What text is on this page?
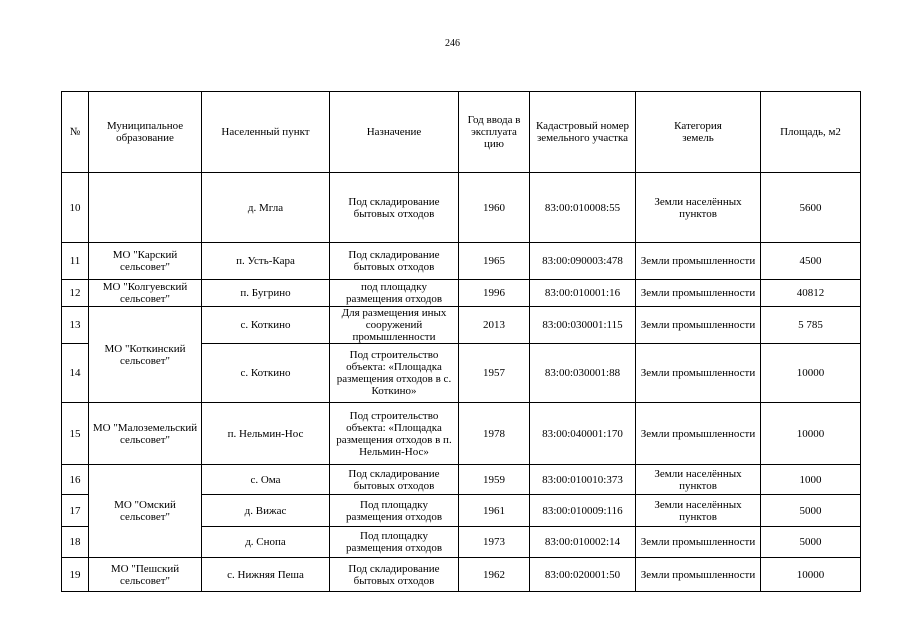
246
№	Муниципальное образование	Населенный пункт	Назначение	Год ввода в эксплуата цию	Кадастровый номер земельного участка	Категория земель	Площадь, м2
10		д. Мгла	Под складирование бытовых отходов	1960	83:00:010008:55	Земли населённых пунктов	5600
11	МО "Карский сельсовет"	п. Усть-Кара	Под складирование бытовых отходов	1965	83:00:090003:478	Земли промышленности	4500
12	МО "Колгуевский сельсовет"	п. Бугрино	под площадку размещения отходов	1996	83:00:010001:16	Земли промышленности	40812
13	МО "Коткинский сельсовет"	с. Коткино	Для размещения иных сооружений промышленности	2013	83:00:030001:115	Земли промышленности	5 785
14		с. Коткино	Под строительство объекта: «Площадка размещения отходов в с. Коткино»	1957	83:00:030001:88	Земли промышленности	10000
15	МО "Малоземельский сельсовет"	п. Нельмин-Нос	Под строительство объекта: «Площадка размещения отходов в п. Нельмин-Нос»	1978	83:00:040001:170	Земли промышленности	10000
16	МО "Омский сельсовет"	с. Ома	Под складирование бытовых отходов	1959	83:00:010010:373	Земли населённых пунктов	1000
17		д. Вижас	Под площадку размещения отходов	1961	83:00:010009:116	Земли населённых пунктов	5000
18		д. Снопа	Под площадку размещения отходов	1973	83:00:010002:14	Земли промышленности	5000
19	МО "Пешский сельсовет"	с. Нижняя Пеша	Под складирование бытовых отходов	1962	83:00:020001:50	Земли промышленности	10000
